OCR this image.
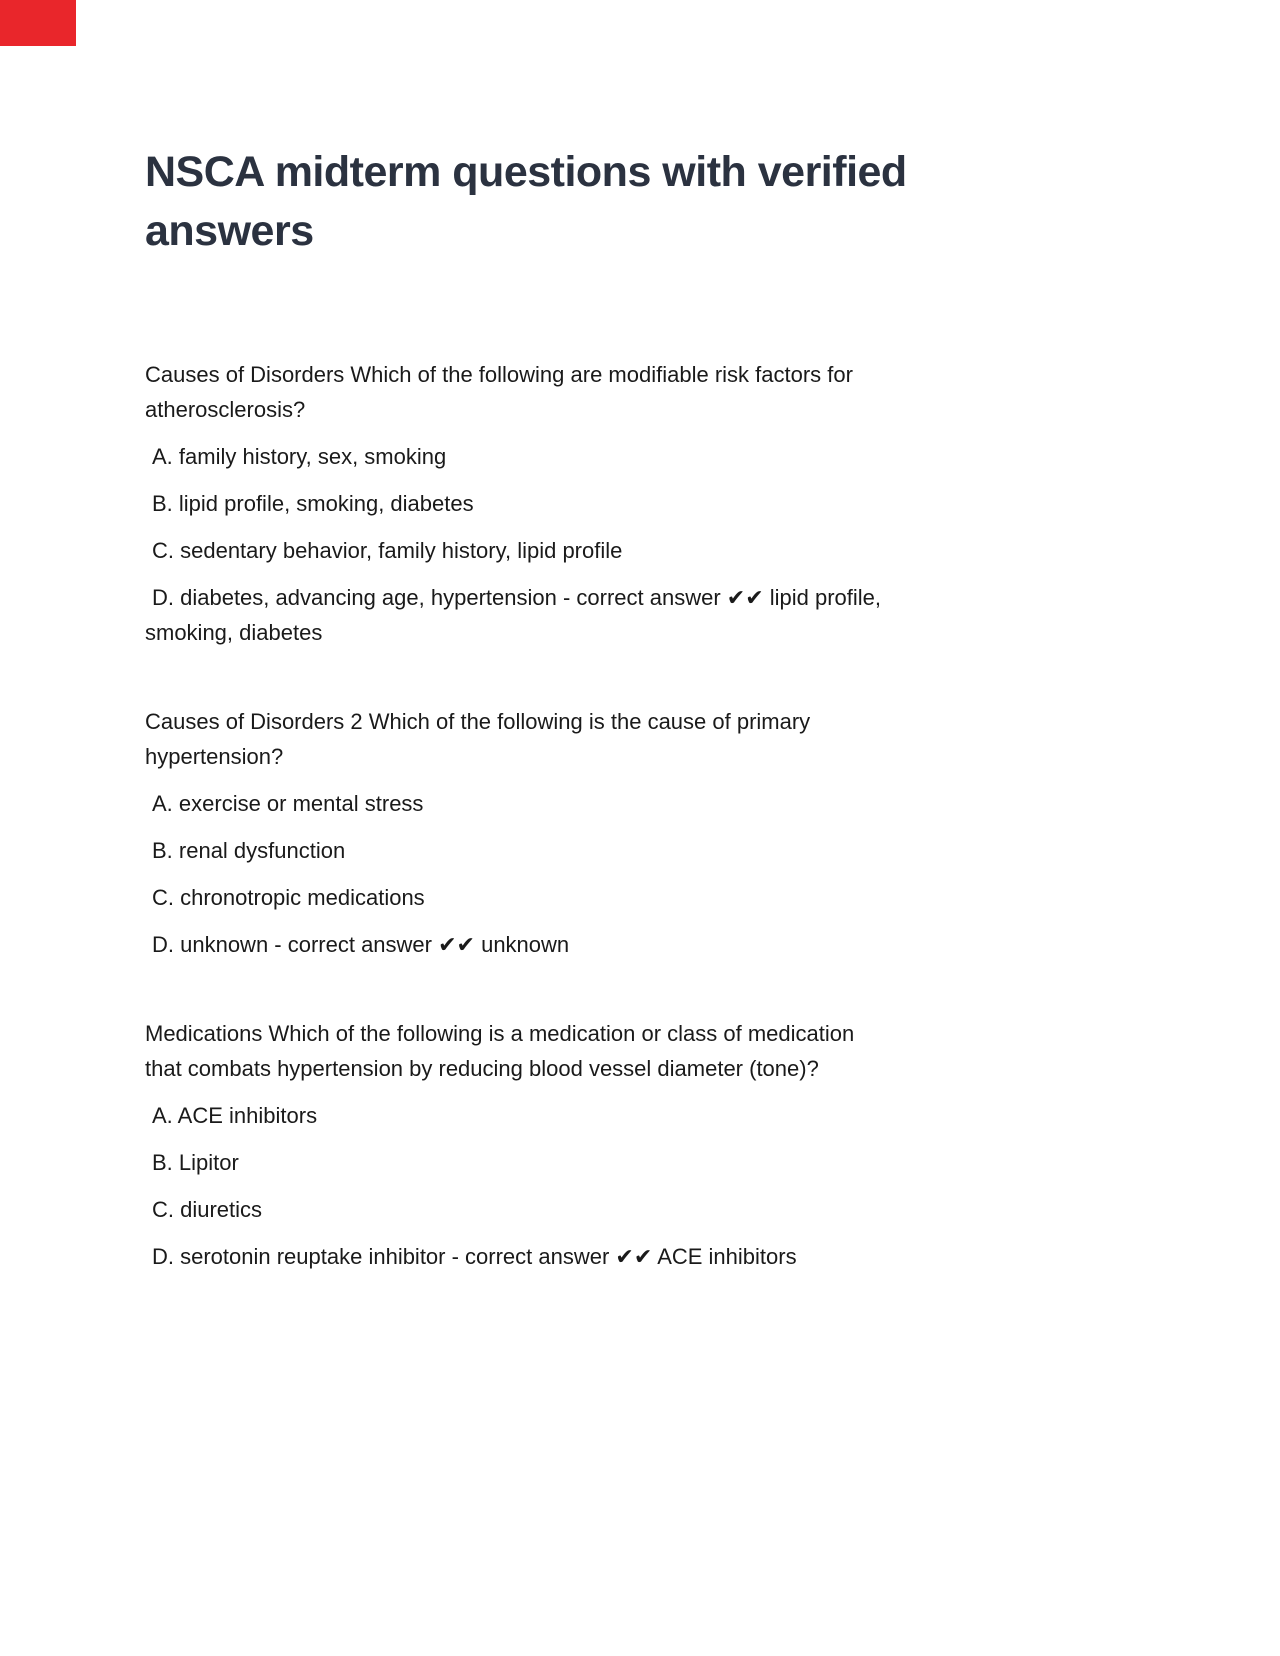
NSCA midterm questions with verified
answers
Causes of Disorders Which of the following are modifiable risk factors for
atherosclerosis?
A. family history, sex, smoking
B. lipid profile, smoking, diabetes
C. sedentary behavior, family history, lipid profile
D. diabetes, advancing age, hypertension - correct answer ✔✔ lipid profile,
smoking, diabetes
Causes of Disorders 2 Which of the following is the cause of primary
hypertension?
A. exercise or mental stress
B. renal dysfunction
C. chronotropic medications
D. unknown - correct answer ✔✔ unknown
Medications Which of the following is a medication or class of medication
that combats hypertension by reducing blood vessel diameter (tone)?
A. ACE inhibitors
B. Lipitor
C. diuretics
D. serotonin reuptake inhibitor - correct answer ✔✔ ACE inhibitors
